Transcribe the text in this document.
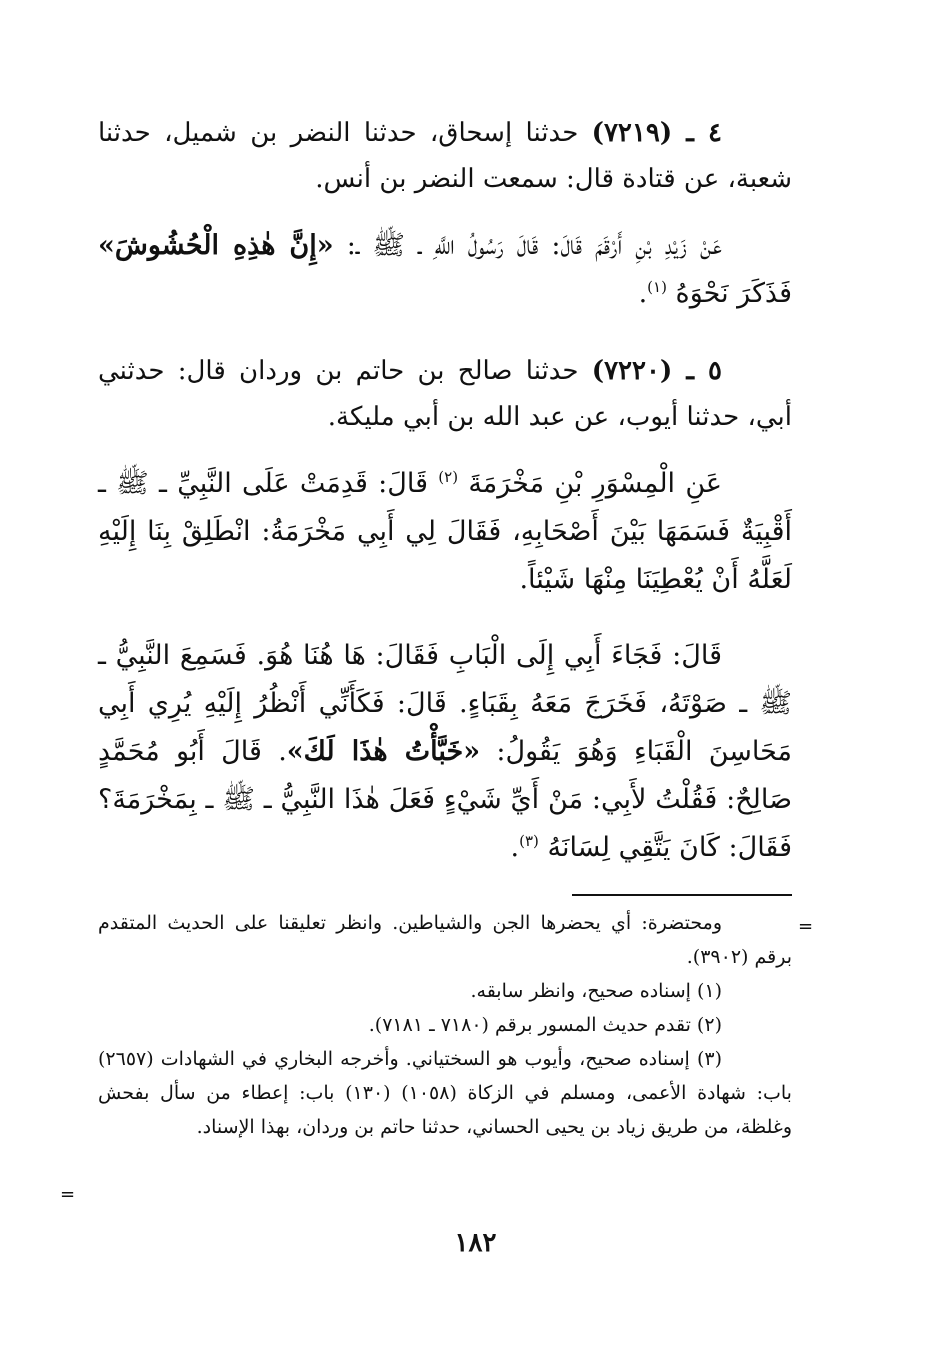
٤ ـ (٧٢١٩) حدثنا إسحاق، حدثنا النضر بن شميل، حدثنا شعبة، عن قتادة قال: سمعت النضر بن أنس.

عَنْ زَيْدِ بْنِ أَرْقَمَ قَالَ: قَالَ رَسُولُ اللَّهِ ـ ﷺ ـ: «إِنَّ هٰذِهِ الْحُشُوشَ» فَذَكَرَ نَحْوَهُ $^{(١)}$.

٥ ـ (٧٢٢٠) حدثنا صالح بن حاتم بن وردان قال: حدثني أبي، حدثنا أيوب، عن عبد الله بن أبي مليكة.

عَنِ الْمِسْوَرِ بْنِ مَخْرَمَةَ $^{(٢)}$ قَالَ: قَدِمَتْ عَلَى النَّبِيِّ ـ ﷺ ـ أَقْبِيَةٌ فَسَمَهَا بَيْنَ أَصْحَابِهِ، فَقَالَ لِي أَبِي مَخْرَمَةُ: انْطَلِقْ بِنَا إِلَيْهِ لَعَلَّهُ أَنْ يُعْطِيَنَا مِنْهَا شَيْئاً.

قَالَ: فَجَاءَ أَبِي إِلَى الْبَابِ فَقَالَ: هَا هُنَا هُوَ. فَسَمِعَ النَّبِيُّ ـ ﷺ ـ صَوْتَهُ، فَخَرَجَ مَعَهُ بِقَبَاءٍ. قَالَ: فَكَأَنِّي أَنْظُرُ إِلَيْهِ يُرِي أَبِي مَحَاسِنَ الْقَبَاءِ وَهُوَ يَقُولُ: «خَبَّأْتُ هٰذَا لَكَ». قَالَ أَبُو مُحَمَّدٍ صَالِحٌ: فَقُلْتُ لأَبِي: مَنْ أَيِّ شَيْءٍ فَعَلَ هٰذَا النَّبِيُّ ـ ﷺ ـ بِمَخْرَمَةَ؟ فَقَالَ: كَانَ يَتَّقِي لِسَانَهُ $^{(٣)}$.

=

ومحتضرة: أي يحضرها الجن والشياطين. وانظر تعليقنا على الحديث المتقدم برقم (٣٩٠٢).

(١) إسناده صحيح، وانظر سابقه.

(٢) تقدم حديث المسور برقم (٧١٨٠ ـ ٧١٨١).

(٣) إسناده صحيح، وأيوب هو السختياني. وأخرجه البخاري في الشهادات (٢٦٥٧) باب: شهادة الأعمى، ومسلم في الزكاة (١٠٥٨) (١٣٠) باب: إعطاء من سأل بفحش وغلظة، من طريق زياد بن يحيى الحساني، حدثنا حاتم بن وردان، بهذا الإسناد.

=
١٨٢
